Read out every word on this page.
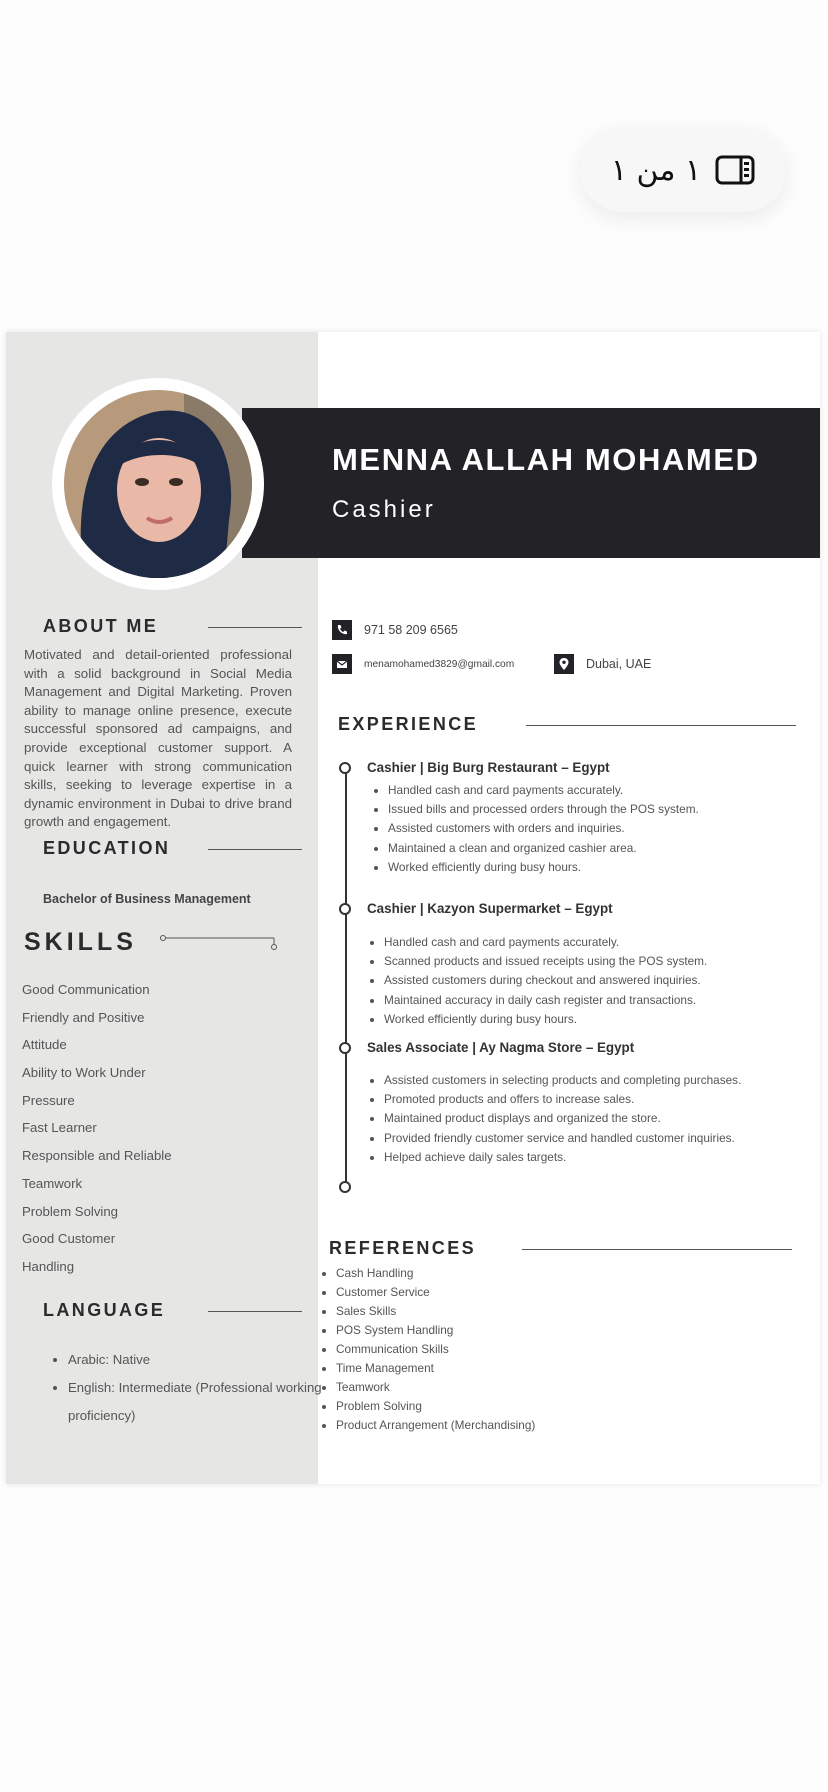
١ من ١
MENNA ALLAH MOHAMED
Cashier
ABOUT ME
Motivated and detail-oriented professional with a solid background in Social Media Management and Digital Marketing. Proven ability to manage online presence, execute successful sponsored ad campaigns, and provide exceptional customer support. A quick learner with strong communication skills, seeking to leverage expertise in a dynamic environment in Dubai to drive brand growth and engagement.
EDUCATION
Bachelor of Business Management
SKILLS
Good Communication
Friendly and Positive
Attitude
Ability to Work Under
Pressure
Fast Learner
Responsible and Reliable
Teamwork
Problem Solving
Good Customer
Handling
LANGUAGE
• Arabic: Native
• English: Intermediate (Professional working proficiency)
971 58 209 6565
menamohamed3829@gmail.com	Dubai, UAE
EXPERIENCE
Cashier | Big Burg Restaurant – Egypt
• Handled cash and card payments accurately.
• Issued bills and processed orders through the POS system.
• Assisted customers with orders and inquiries.
• Maintained a clean and organized cashier area.
• Worked efficiently during busy hours.
Cashier | Kazyon Supermarket – Egypt
• Handled cash and card payments accurately.
• Scanned products and issued receipts using the POS system.
• Assisted customers during checkout and answered inquiries.
• Maintained accuracy in daily cash register and transactions.
• Worked efficiently during busy hours.
Sales Associate | Ay Nagma Store – Egypt
• Assisted customers in selecting products and completing purchases.
• Promoted products and offers to increase sales.
• Maintained product displays and organized the store.
• Provided friendly customer service and handled customer inquiries.
• Helped achieve daily sales targets.
REFERENCES
• Cash Handling
• Customer Service
• Sales Skills
• POS System Handling
• Communication Skills
• Time Management
• Teamwork
• Problem Solving
• Product Arrangement (Merchandising)
